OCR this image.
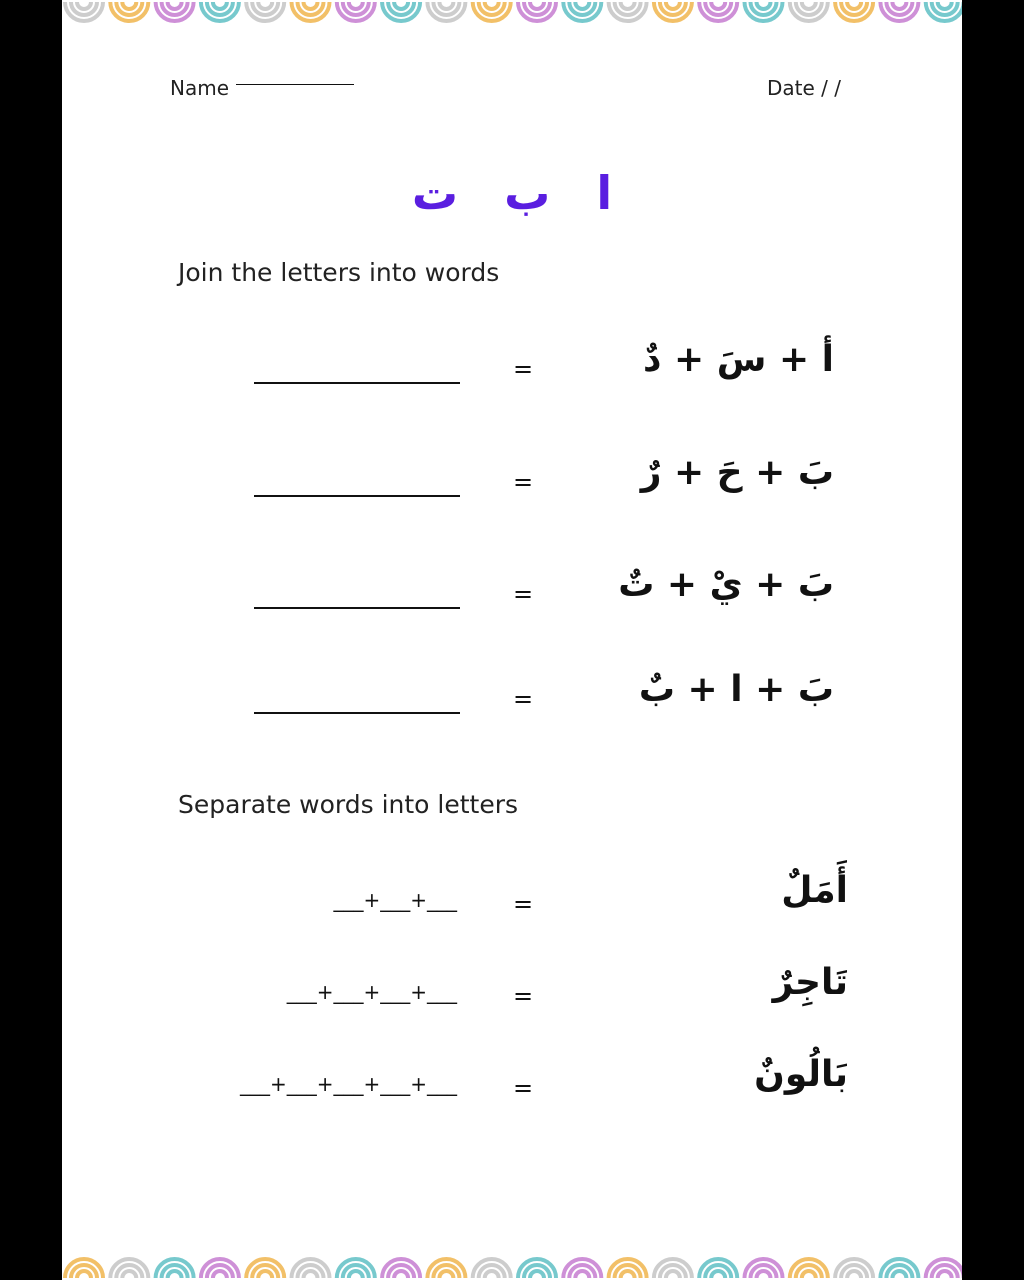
Name	Date / /
ا ب ت
Join the letters into words
=	أ + سَ + دٌ
=	بَ + حَ + رٌ
=	بَ + يْ + تٌ
=	بَ + ا + بٌ
Separate words into letters
___+___+___ =	أَمَلٌ
___+___+___+___ =	تَاجِرٌ
___+___+___+___+___ =	بَالُونٌ
